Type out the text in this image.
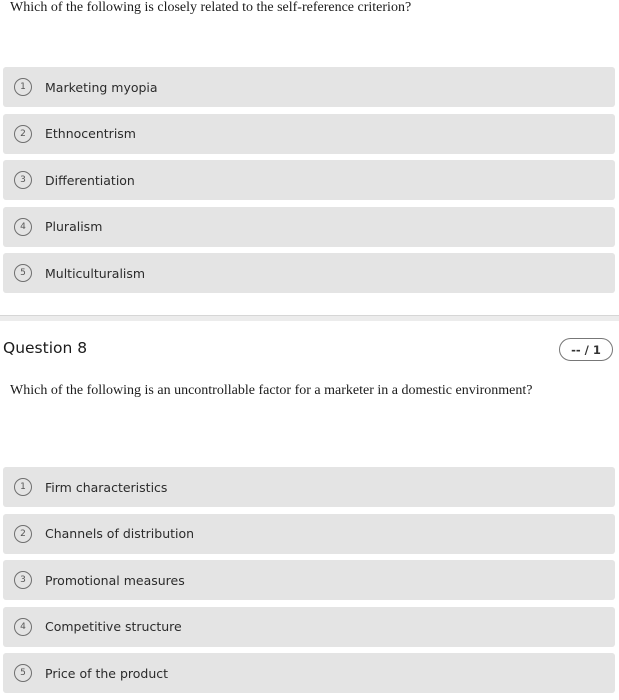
Which of the following is closely related to the self-reference criterion?
1	Marketing myopia
2	Ethnocentrism
3	Differentiation
4	Pluralism
5	Multiculturalism
Question 8	-- / 1
Which of the following is an uncontrollable factor for a marketer in a domestic environment?
1	Firm characteristics
2	Channels of distribution
3	Promotional measures
4	Competitive structure
5	Price of the product
